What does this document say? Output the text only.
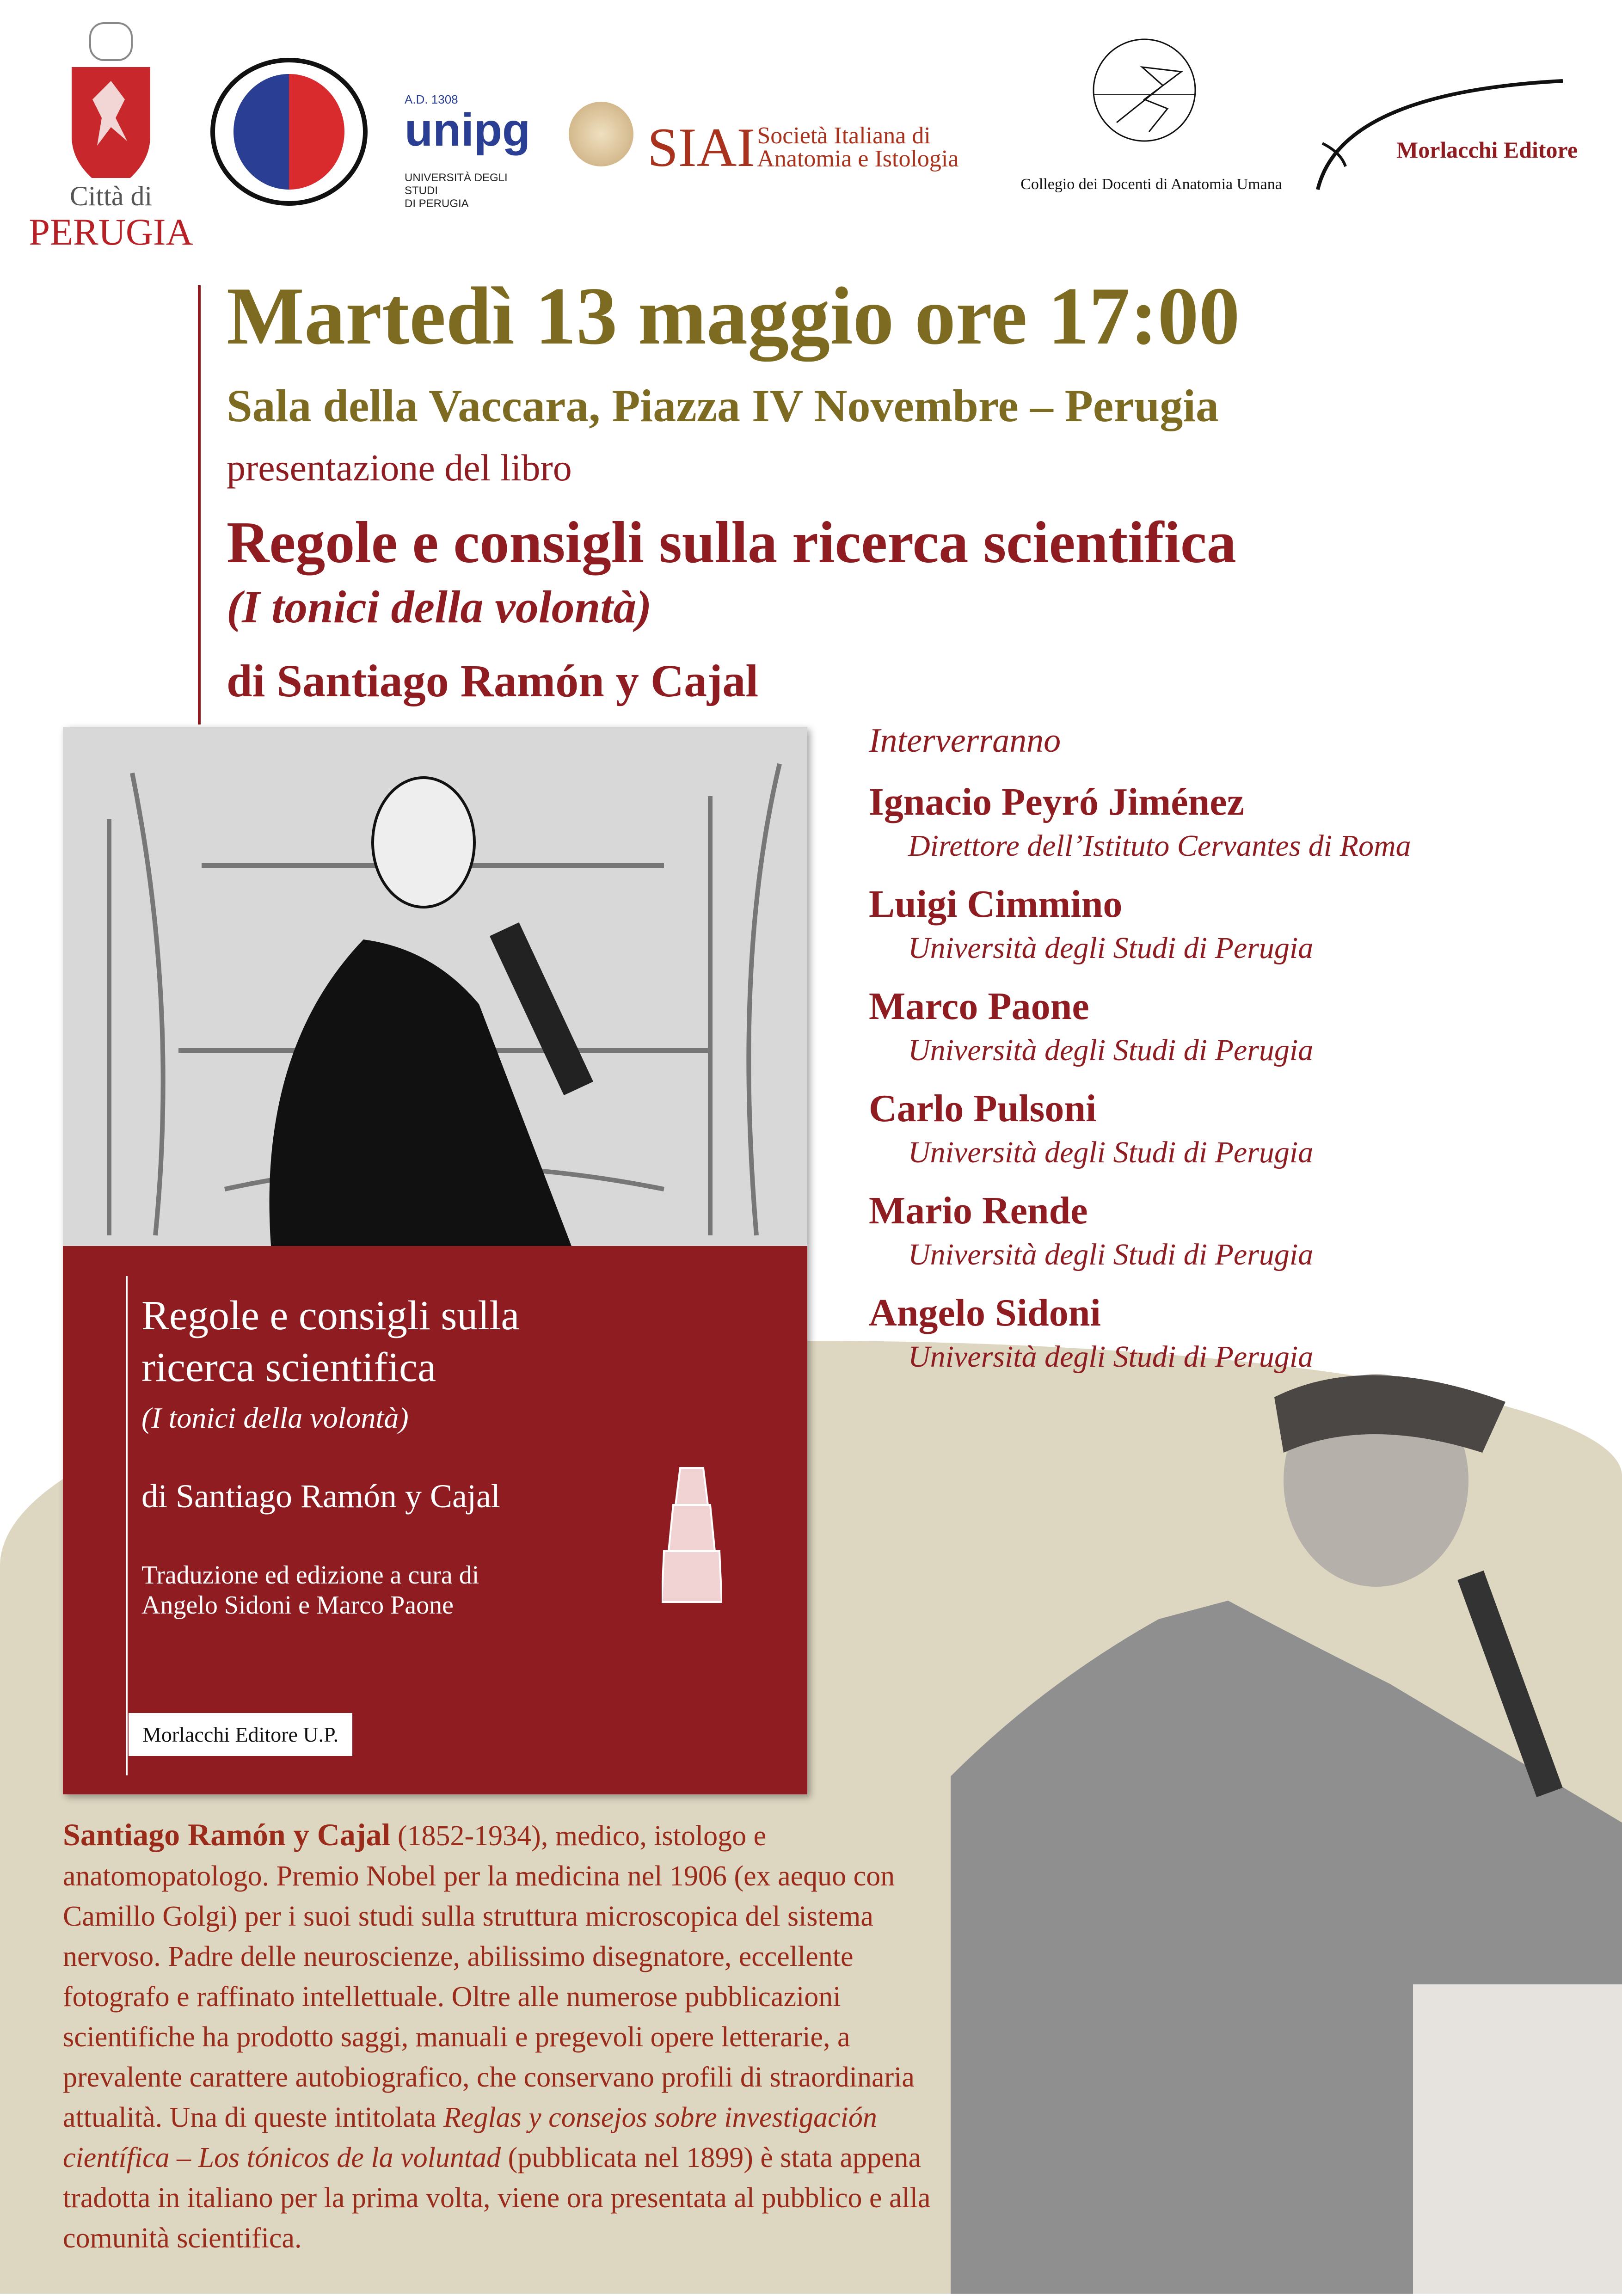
Città di
PERUGIA
A.D. 1308
unipg
UNIVERSITÀ DEGLI STUDI
DI PERUGIA
SIAI Società Italiana di
Anatomia e Istologia
Collegio dei Docenti di Anatomia Umana
Morlacchi Editore
Martedì 13 maggio ore 17:00
Sala della Vaccara, Piazza IV Novembre – Perugia
presentazione del libro
Regole e consigli sulla ricerca scientifica
(I tonici della volontà)
di Santiago Ramón y Cajal
Regole e consigli sulla
ricerca scientifica
(I tonici della volontà)
di Santiago Ramón y Cajal
Traduzione ed edizione a cura di
Angelo Sidoni e Marco Paone
Morlacchi Editore U.P.
Interverranno
Ignacio Peyró Jiménez
Direttore dell’Istituto Cervantes di Roma
Luigi Cimmino
Università degli Studi di Perugia
Marco Paone
Università degli Studi di Perugia
Carlo Pulsoni
Università degli Studi di Perugia
Mario Rende
Università degli Studi di Perugia
Angelo Sidoni
Università degli Studi di Perugia
Santiago Ramón y Cajal (1852-1934), medico, istologo e anatomopatologo. Premio Nobel per la medicina nel 1906 (ex aequo con Camillo Golgi) per i suoi studi sulla struttura microscopica del sistema nervoso. Padre delle neuroscienze, abilissimo disegnatore, eccellente fotografo e raffinato intellettuale. Oltre alle numerose pubblicazioni scientifiche ha prodotto saggi, manuali e pregevoli opere letterarie, a prevalente carattere autobiografico, che conservano profili di straordinaria attualità. Una di queste intitolata Reglas y consejos sobre investigación científica – Los tónicos de la voluntad (pubblicata nel 1899) è stata appena tradotta in italiano per la prima volta, viene ora presentata al pubblico e alla comunità scientifica.
